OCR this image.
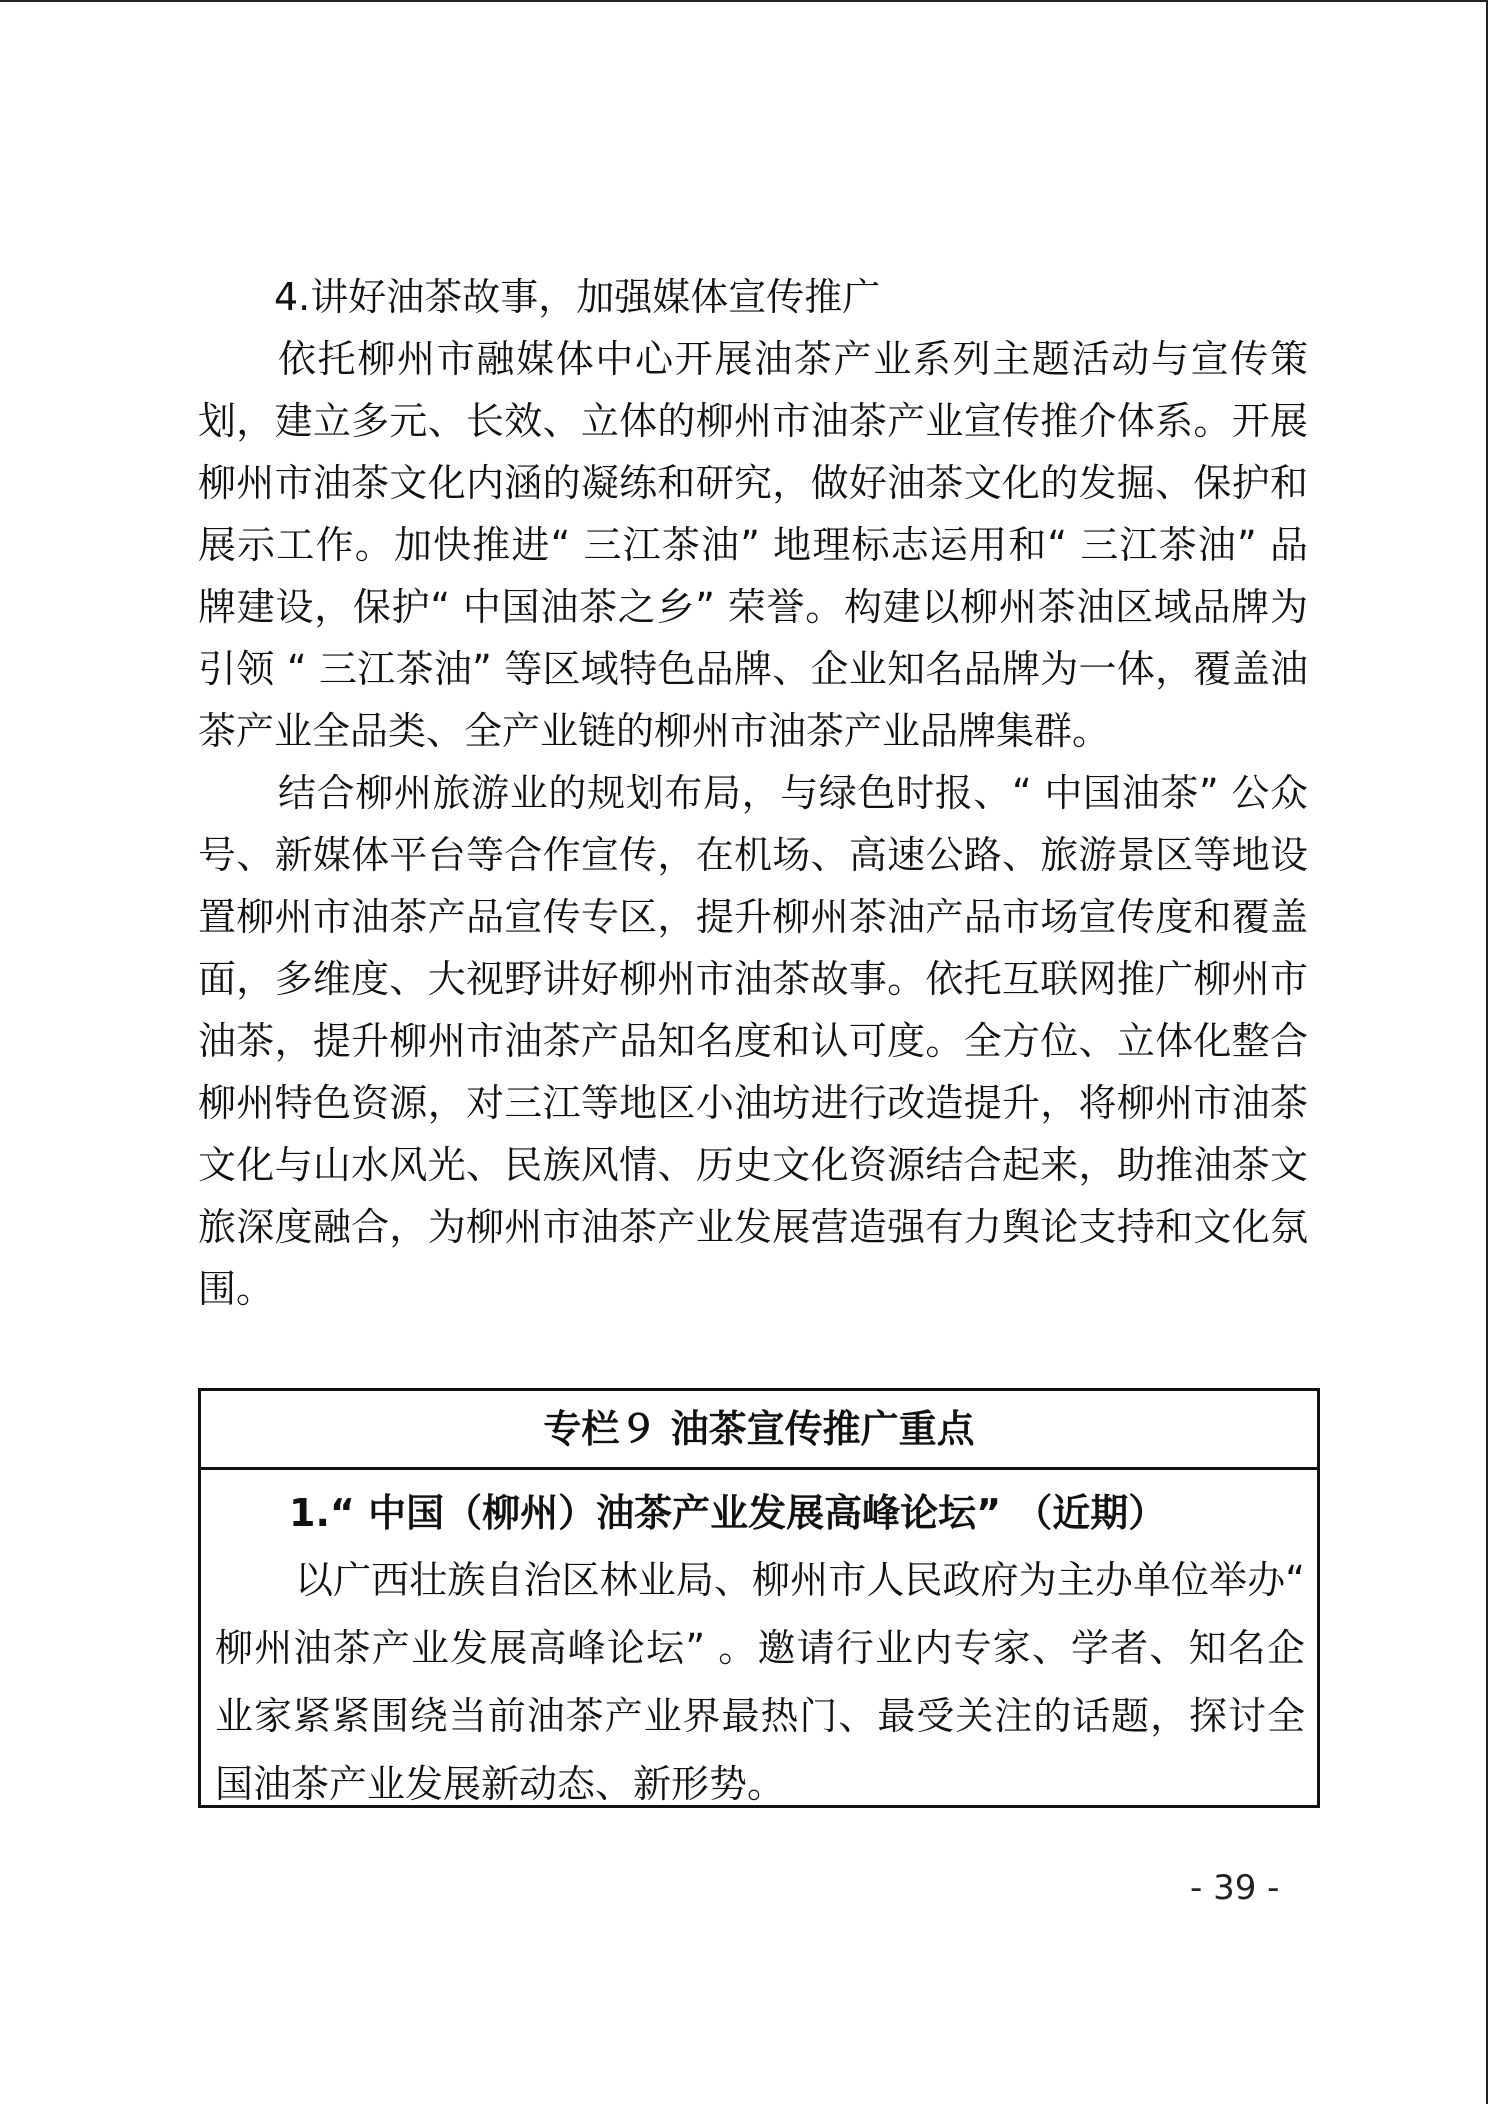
4.讲好油茶故事，加强媒体宣传推广

依托柳州市融媒体中心开展油茶产业系列主题活动与宣传策划，建立多元、长效、立体的柳州市油茶产业宣传推介体系。开展柳州市油茶文化内涵的凝练和研究，做好油茶文化的发掘、保护和展示工作。加快推进“ 三江茶油” 地理标志运用和“ 三江茶油” 品牌建设，保护“ 中国油茶之乡” 荣誉。构建以柳州茶油区域品牌为引领 “ 三江茶油” 等区域特色品牌、企业知名品牌为一体，覆盖油茶产业全品类、全产业链的柳州市油茶产业品牌集群。

结合柳州旅游业的规划布局，与绿色时报、“ 中国油茶” 公众号、新媒体平台等合作宣传，在机场、高速公路、旅游景区等地设置柳州市油茶产品宣传专区，提升柳州茶油产品市场宣传度和覆盖面，多维度、大视野讲好柳州市油茶故事。依托互联网推广柳州市油茶，提升柳州市油茶产品知名度和认可度。全方位、立体化整合柳州特色资源，对三江等地区小油坊进行改造提升，将柳州市油茶文化与山水风光、民族风情、历史文化资源结合起来，助推油茶文旅深度融合，为柳州市油茶产业发展营造强有力舆论支持和文化氛围。

专栏９ 油茶宣传推广重点

1.“ 中国（柳州）油茶产业发展高峰论坛” （近期）

以广西壮族自治区林业局、柳州市人民政府为主办单位举办“ 柳州油茶产业发展高峰论坛” 。邀请行业内专家、学者、知名企业家紧紧围绕当前油茶产业界最热门、最受关注的话题，探讨全国油茶产业发展新动态、新形势。

- 39 -
